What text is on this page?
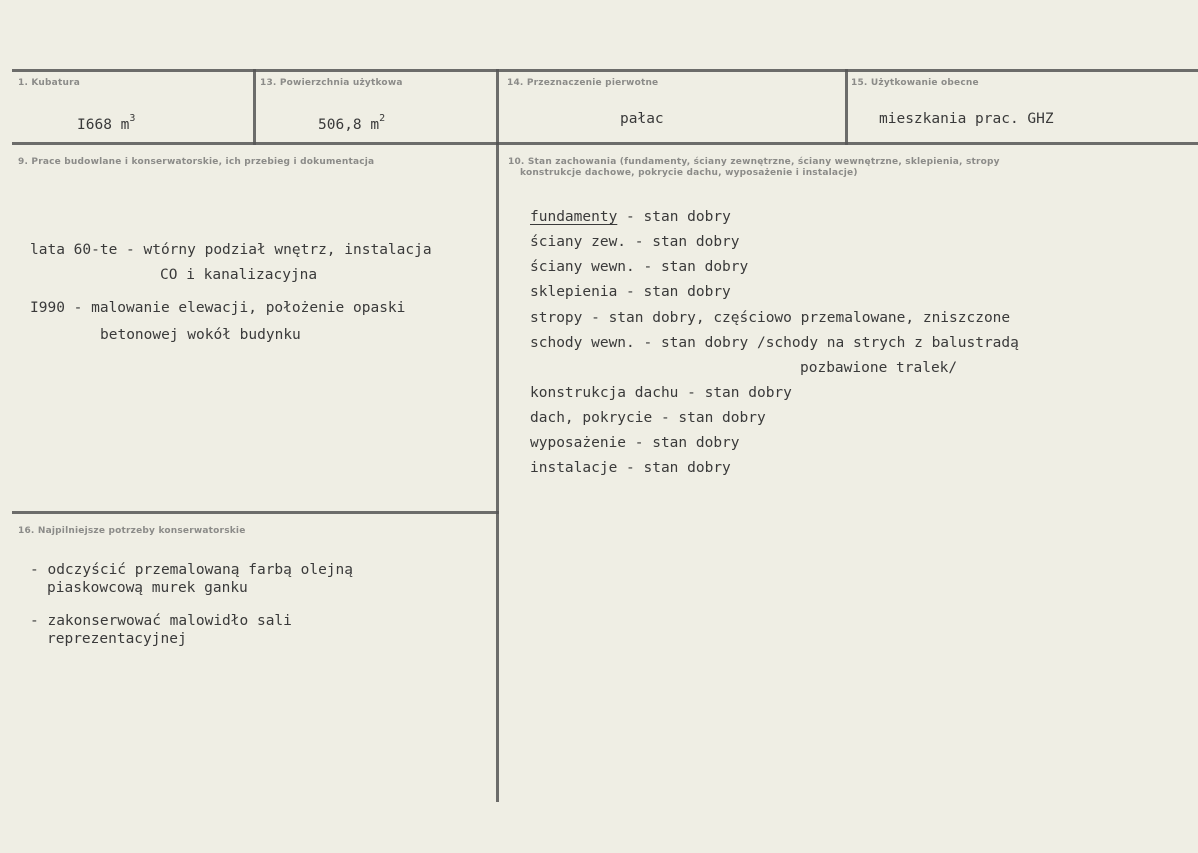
1. Kubatura	13. Powierzchnia użytkowa	14. Przeznaczenie pierwotne	15. Użytkowanie obecne
I668 $m^3$	506,8 $m^2$	pałac	mieszkania prac. GHZ
9. Prace budowlane i konserwatorskie, ich przebieg i dokumentacja
lata 60-te - wtórny podział wnętrz, instalacja
CO i kanalizacyjna
I990 - malowanie elewacji, położenie opaski
betonowej wokół budynku
10. Stan zachowania (fundamenty, ściany zewnętrzne, ściany wewnętrzne, sklepienia, stropy
konstrukcje dachowe, pokrycie dachu, wyposażenie i instalacje)
fundamenty - stan dobry
ściany zew. - stan dobry
ściany wewn. - stan dobry
sklepienia - stan dobry
stropy - stan dobry, częściowo przemalowane, zniszczone
schody wewn. - stan dobry /schody na strych z balustradą
pozbawione tralek/
konstrukcja dachu - stan dobry
dach, pokrycie - stan dobry
wyposażenie - stan dobry
instalacje - stan dobry
16. Najpilniejsze potrzeby konserwatorskie
- odczyścić przemalowaną farbą olejną
piaskowcową murek ganku
- zakonserwować malowidło sali
reprezentacyjnej
